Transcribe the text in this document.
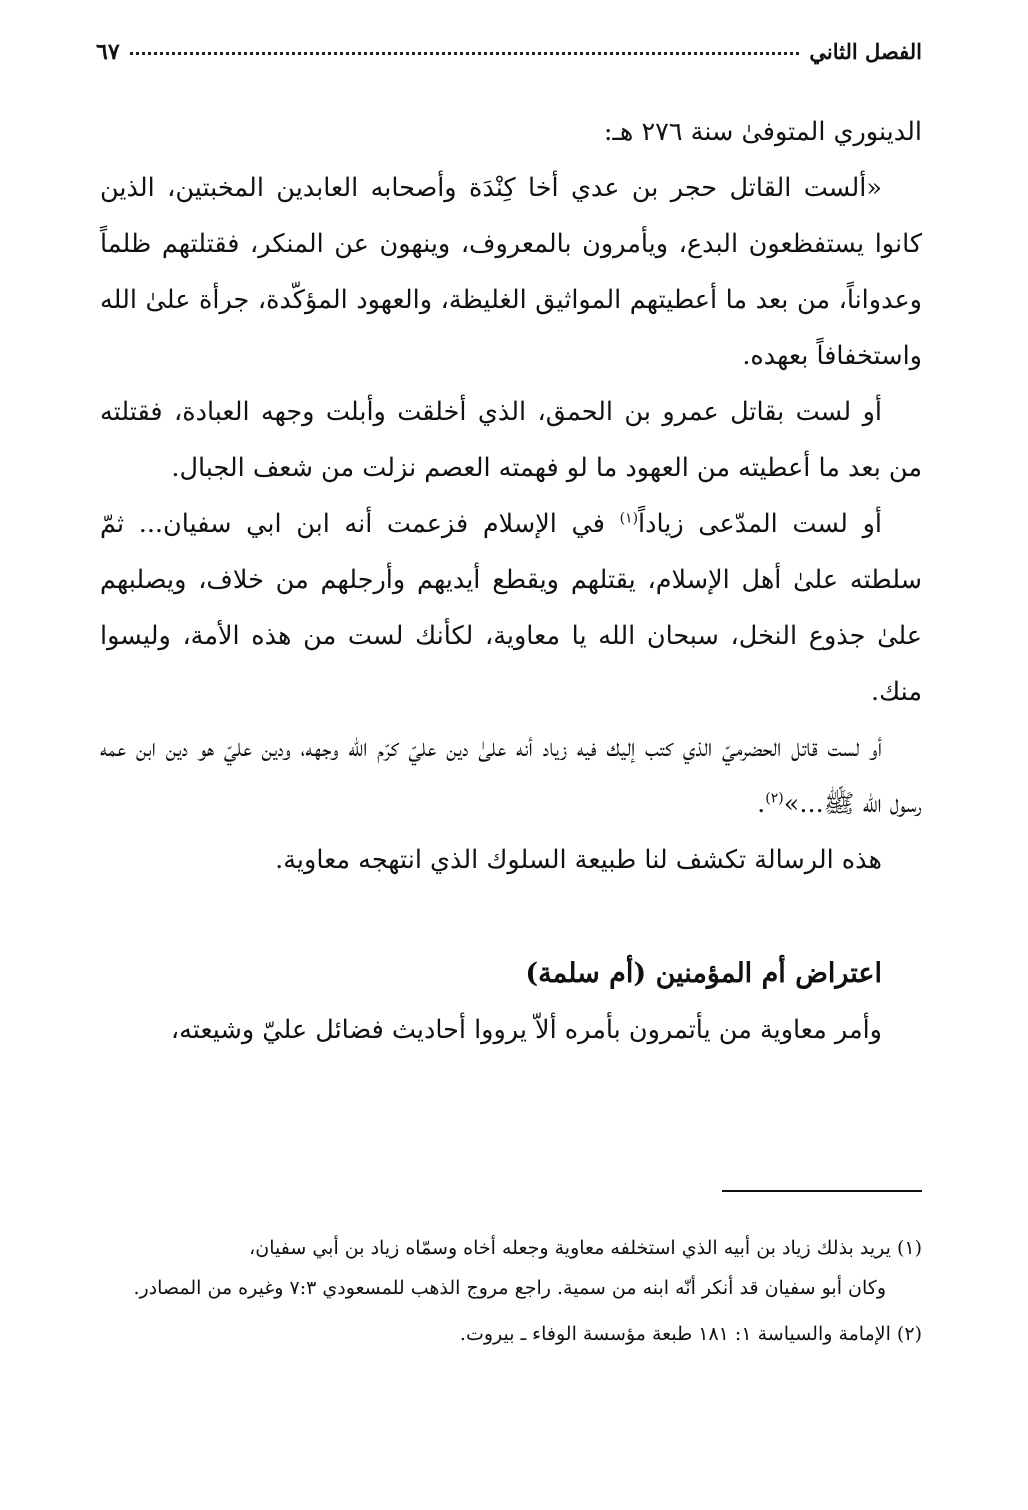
الفصل الثاني
٦٧

الدينوري المتوفىٰ سنة ٢٧٦ هـ:

«ألست القاتل حجر بن عدي أخا كِنْدَة وأصحابه العابدين المخبتين، الذين كانوا يستفظعون البدع، ويأمرون بالمعروف، وينهون عن المنكر، فقتلتهم ظلماً وعدواناً، من بعد ما أعطيتهم المواثيق الغليظة، والعهود المؤكّدة، جرأة علىٰ الله واستخفافاً بعهده.

أو لست بقاتل عمرو بن الحمق، الذي أخلقت وأبلت وجهه العبادة، فقتلته من بعد ما أعطيته من العهود ما لو فهمته العصم نزلت من شعف الجبال.

أو لست المدّعى زياداً$^{(١)}$ في الإسلام فزعمت أنه ابن ابي سفيان... ثمّ سلطته علىٰ أهل الإسلام، يقتلهم ويقطع أيديهم وأرجلهم من خلاف، ويصلبهم علىٰ جذوع النخل، سبحان الله يا معاوية، لكأنك لست من هذه الأمة، وليسوا منك.

أو لست قاتل الحضرميّ الذي كتب إليك فيه زياد أنه علىٰ دين عليّ كرّم الله وجهه، ودين عليّ هو دين ابن عمه رسول الله ﷺ...»$^{(٢)}$.

هذه الرسالة تكشف لنا طبيعة السلوك الذي انتهجه معاوية.

اعتراض أم المؤمنين (أم سلمة)

وأمر معاوية من يأتمرون بأمره ألاّ يرووا أحاديث فضائل عليّ وشيعته،

(١) يريد بذلك زياد بن أبيه الذي استخلفه معاوية وجعله أخاه وسمّاه زياد بن أبي سفيان،

وكان أبو سفيان قد أنكر أنّه ابنه من سمية. راجع مروج الذهب للمسعودي ٧:٣ وغيره من المصادر.

(٢) الإمامة والسياسة ١: ١٨١ طبعة مؤسسة الوفاء ـ بيروت.
